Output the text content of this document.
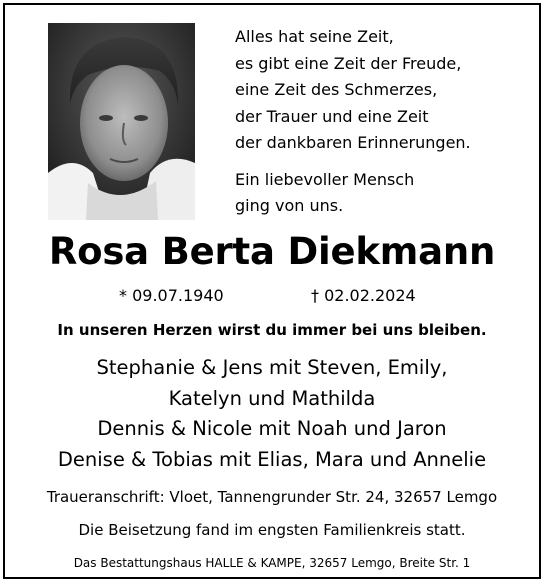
Alles hat seine Zeit,
es gibt eine Zeit der Freude,
eine Zeit des Schmerzes,
der Trauer und eine Zeit
der dankbaren Erinnerungen.
Ein liebevoller Mensch
ging von uns.
Rosa Berta Diekmann
* 09.07.1940	† 02.02.2024
In unseren Herzen wirst du immer bei uns bleiben.
Stephanie & Jens mit Steven, Emily,
Katelyn und Mathilda
Dennis & Nicole mit Noah und Jaron
Denise & Tobias mit Elias, Mara und Annelie
Traueranschrift: Vloet, Tannengrunder Str. 24, 32657 Lemgo
Die Beisetzung fand im engsten Familienkreis statt.
Das Bestattungshaus HALLE & KAMPE, 32657 Lemgo, Breite Str. 1
